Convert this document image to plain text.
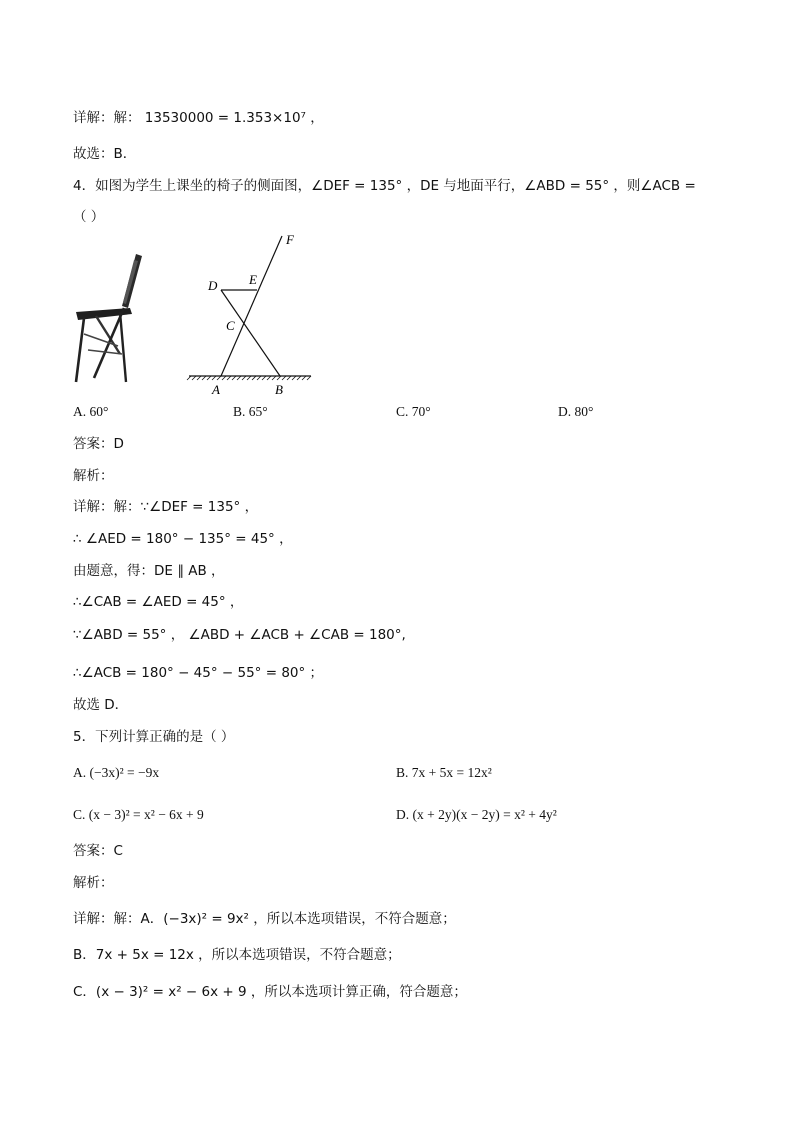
详解：解： 13530000 = 1.353×10⁷ ，
故选：B．
4．如图为学生上课坐的椅子的侧面图，∠DEF = 135° ，DE 与地面平行，∠ABD = 55° ，则∠ACB =
（ ）
F
D E
C
A	B
A. 60°	B. 65°	C. 70°	D. 80°
答案：D
解析：
详解：解：∵∠DEF = 135° ，
∴ ∠AED = 180° − 135° = 45° ，
由题意，得：DE ∥ AB ，
∴∠CAB = ∠AED = 45° ，
∵∠ABD = 55° ， ∠ABD + ∠ACB + ∠CAB = 180°,
∴∠ACB = 180° − 45° − 55° = 80° ；
故选 D．
5．下列计算正确的是（ ）
A. (−3x)² = −9x	B. 7x + 5x = 12x²
C. (x − 3)² = x² − 6x + 9	D. (x + 2y)(x − 2y) = x² + 4y²
答案：C
解析：
详解：解：A．(−3x)² = 9x² ，所以本选项错误，不符合题意；
B．7x + 5x = 12x ，所以本选项错误，不符合题意；
C．(x − 3)² = x² − 6x + 9 ，所以本选项计算正确，符合题意；
